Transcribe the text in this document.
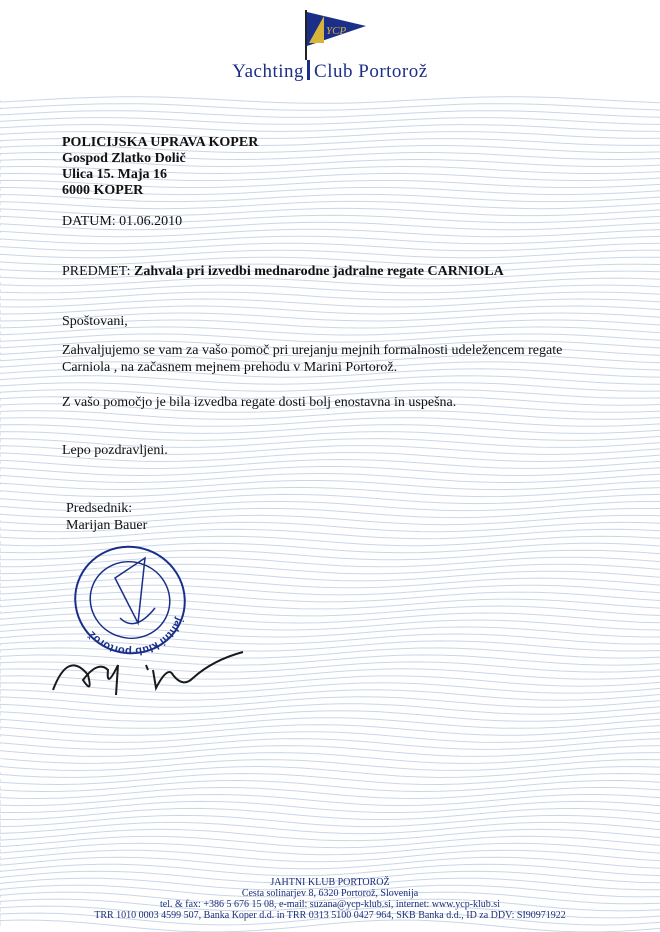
YCP
Yachting Club Portorož
POLICIJSKA UPRAVA KOPER
Gospod Zlatko Dolič
Ulica 15. Maja 16
6000 KOPER
DATUM: 01.06.2010
PREDMET: Zahvala pri izvedbi mednarodne jadralne regate CARNIOLA
Spoštovani,
Zahvaljujemo se vam za vašo pomoč pri urejanju mejnih formalnosti udeležencem regate
Carniola , na začasnem mejnem prehodu v Marini Portorož.
Z vašo pomočjo je bila izvedba regate dosti bolj enostavna in uspešna.
Lepo pozdravljeni.
Predsednik:
Marijan Bauer
jahtni klub portorož
JAHTNI KLUB PORTOROŽ
Cesta solinarjev 8, 6320 Portorož, Slovenija
tel. & fax: +386 5 676 15 08, e-mail: suzana@ycp-klub.si, internet: www.ycp-klub.si
TRR 1010 0003 4599 507, Banka Koper d.d. in TRR 0313 5100 0427 964, SKB Banka d.d., ID za DDV: SI90971922
